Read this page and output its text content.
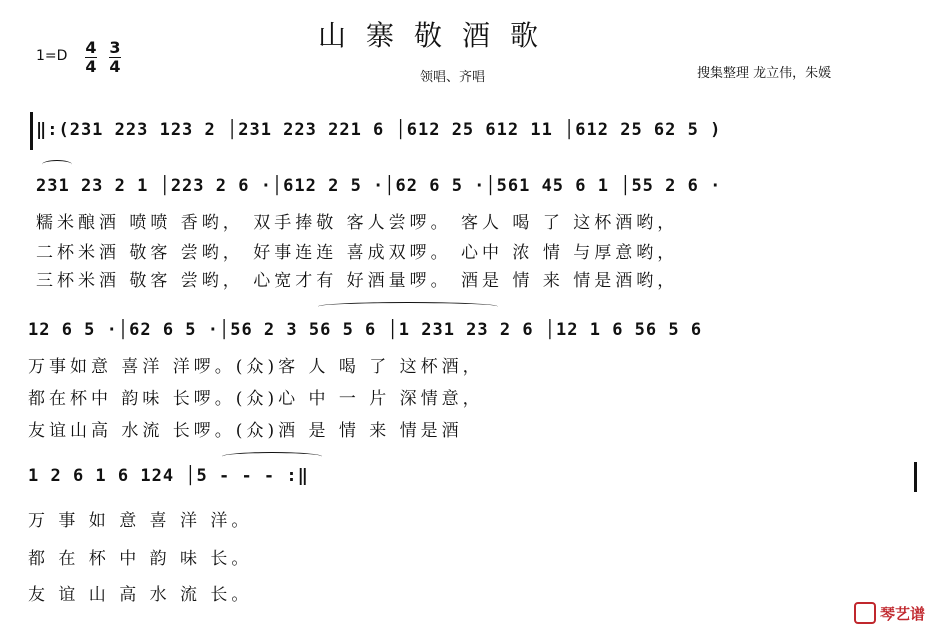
山寨敬酒歌
1=D 4
4
3
4
领唱、齐唱	搜集整理 龙立伟，朱媛
‖:(231 223 123 2 │231 223 221 6 │612 25 612 11 │612 25 62 5 )
231 23 2 1 │223 2 6 ·│612 2 5 ·│62 6 5 ·│561 45 6 1 │55 2 6 ·
糯米酿酒 喷喷 香哟， 双手捧敬 客人尝啰。 客人 喝 了 这杯酒哟，
二杯米酒 敬客 尝哟， 好事连连 喜成双啰。 心中 浓 情 与厚意哟，
三杯米酒 敬客 尝哟， 心宽才有 好酒量啰。 酒是 情 来 情是酒哟，
12 6 5 ·│62 6 5 ·│56 2 3 56 5 6 │1 231 23 2 6 │12 1 6 56 5 6
万事如意 喜洋 洋啰。(众)客 人 喝 了 这杯酒，
都在杯中 韵味 长啰。(众)心 中 一 片 深情意，
友谊山高 水流 长啰。(众)酒 是 情 来 情是酒
1 2 6 1 6 124 │5 - - - :‖
万 事 如 意 喜 洋 洋。
都 在 杯 中 韵 味 长。
友 谊 山 高 水 流 长。
琴艺谱
